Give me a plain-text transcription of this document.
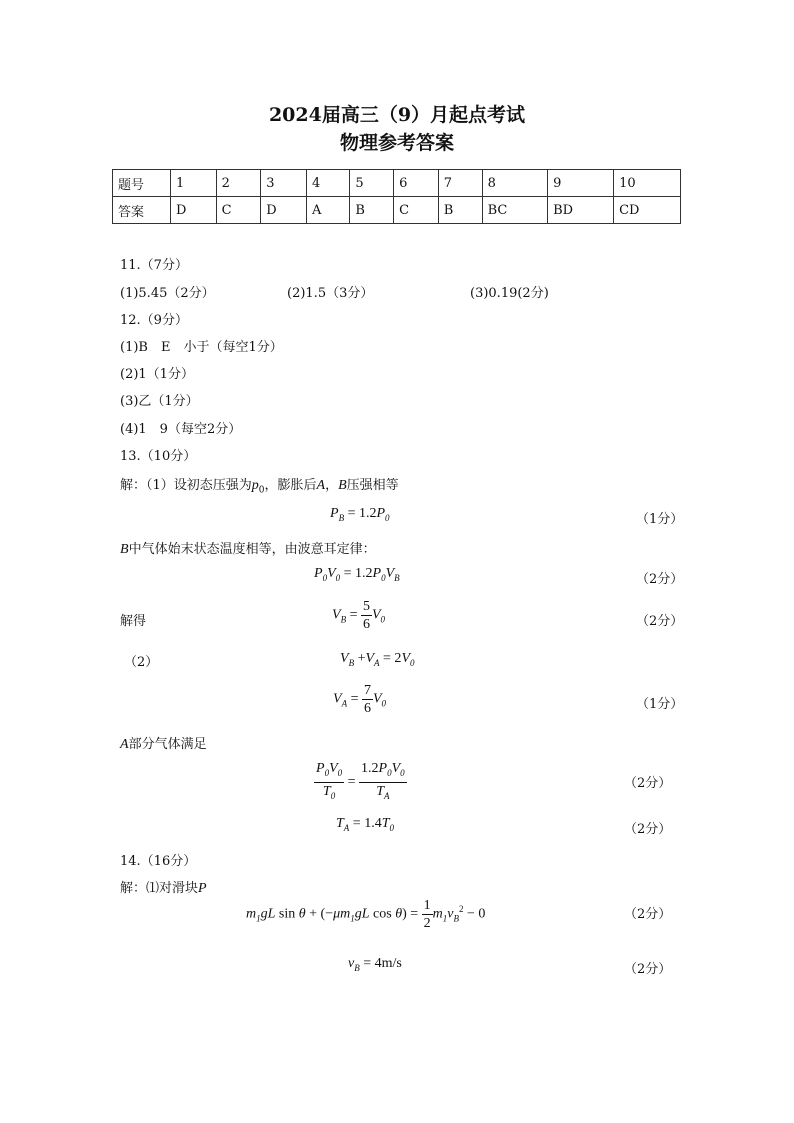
2024届高三（9）月起点考试
物理参考答案
题号	1	2	3	4	5	6	7	8	9	10
答案	D	C	D	A	B	C	B	BC	BD	CD
11.（7分）
(1)5.45（2分）	(2)1.5（3分）	(3)0.19(2分)
12.（9分）
(1)B　E　小于（每空1分）
(2)1（1分）
(3)乙（1分）
(4)1　9（每空2分）
13.（10分）
解：（1）设初态压强为$p_0$，膨胀后A，B压强相等
$P_B = 1.2P_0$	（1分）
B中气体始末状态温度相等，由波意耳定律：
$P_0V_0 = 1.2P_0V_B$	（2分）
解得	$V_B = \frac{5}{6} V_0$	（2分）
（2）	$V_B +V_A = 2V_0$
$V_A = \frac{7}{6} V_0$	（1分）
A部分气体满足
$\frac{P_0V_0}{T_0} = \frac{1.2P_0V_0}{T_A}$	（2分）
$T_A = 1.4T_0$	（2分）
14.（16分）
解：⑴对滑块P
$m_1gL$ $\sin \theta + (-\mu m_1gL$ $\cos \theta) = \frac{1}{2} m_1v_B^2 - 0$	（2分）
$v_B = 4m/s$	（2分）
